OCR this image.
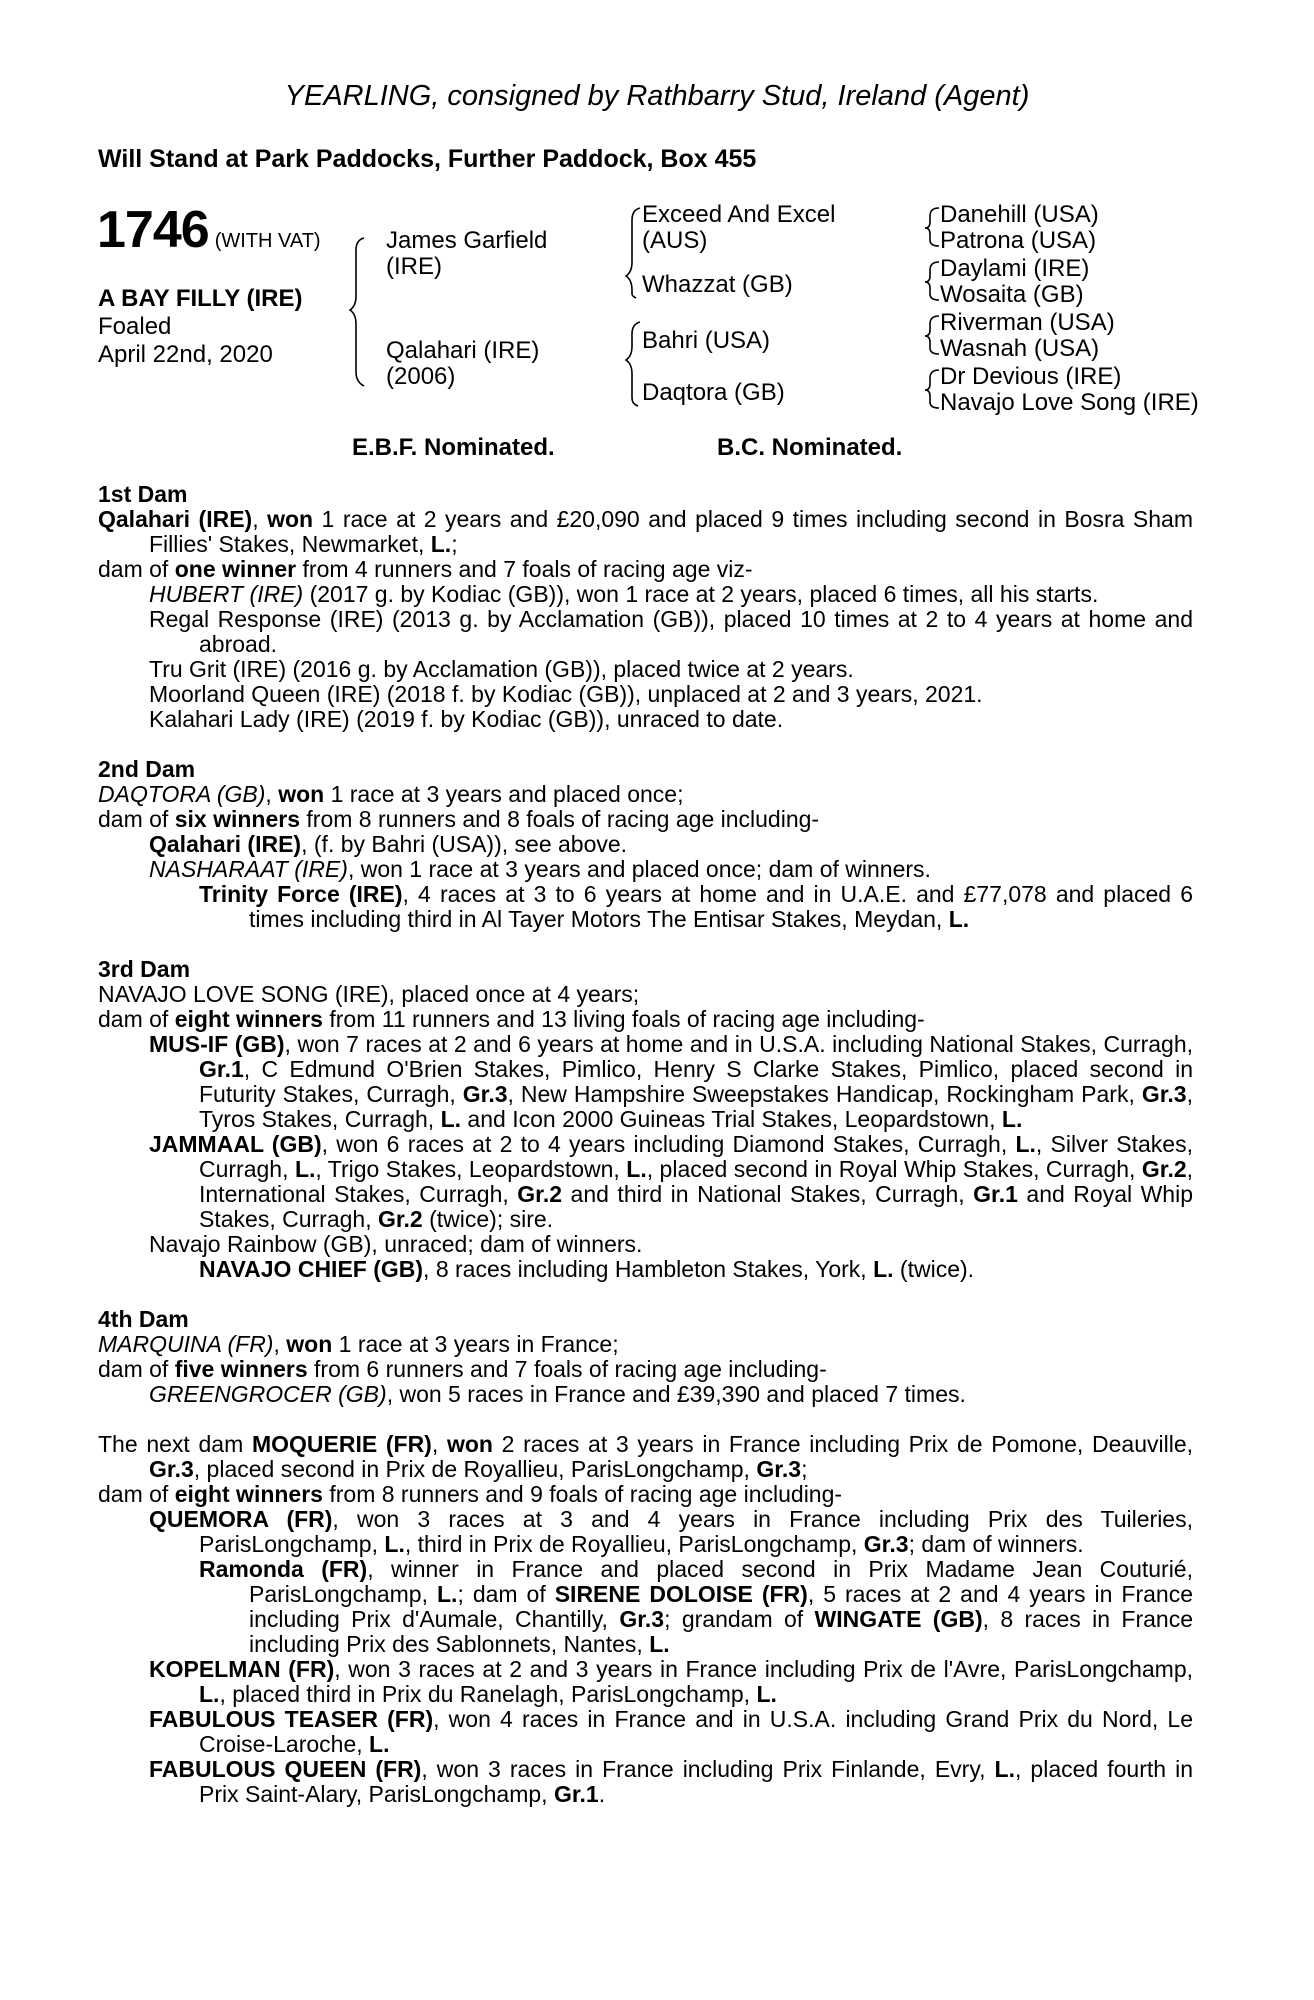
YEARLING, consigned by Rathbarry Stud, Ireland (Agent)
Will Stand at Park Paddocks, Further Paddock, Box 455
1746 (WITH VAT)
A BAY FILLY (IRE)
Foaled
April 22nd, 2020
James Garfield
(IRE)
Qalahari (IRE)
(2006)
Exceed And Excel
(AUS)
Whazzat (GB)
Bahri (USA)
Daqtora (GB)
Danehill (USA)
Patrona (USA)
Daylami (IRE)
Wosaita (GB)
Riverman (USA)
Wasnah (USA)
Dr Devious (IRE)
Navajo Love Song (IRE)
E.B.F. Nominated.	B.C. Nominated.

1st Dam

Qalahari (IRE), won 1 race at 2 years and £20,090 and placed 9 times including second in Bosra Sham Fillies' Stakes, Newmarket, L.;

dam of one winner from 4 runners and 7 foals of racing age viz-

HUBERT (IRE) (2017 g. by Kodiac (GB)), won 1 race at 2 years, placed 6 times, all his starts.

Regal Response (IRE) (2013 g. by Acclamation (GB)), placed 10 times at 2 to 4 years at home and abroad.

Tru Grit (IRE) (2016 g. by Acclamation (GB)), placed twice at 2 years.

Moorland Queen (IRE) (2018 f. by Kodiac (GB)), unplaced at 2 and 3 years, 2021.

Kalahari Lady (IRE) (2019 f. by Kodiac (GB)), unraced to date.

2nd Dam

DAQTORA (GB), won 1 race at 3 years and placed once;

dam of six winners from 8 runners and 8 foals of racing age including-

Qalahari (IRE), (f. by Bahri (USA)), see above.

NASHARAAT (IRE), won 1 race at 3 years and placed once; dam of winners.

Trinity Force (IRE), 4 races at 3 to 6 years at home and in U.A.E. and £77,078 and placed 6 times including third in Al Tayer Motors The Entisar Stakes, Meydan, L.

3rd Dam

NAVAJO LOVE SONG (IRE), placed once at 4 years;

dam of eight winners from 11 runners and 13 living foals of racing age including-

MUS-IF (GB), won 7 races at 2 and 6 years at home and in U.S.A. including National Stakes, Curragh, Gr.1, C Edmund O'Brien Stakes, Pimlico, Henry S Clarke Stakes, Pimlico, placed second in Futurity Stakes, Curragh, Gr.3, New Hampshire Sweepstakes Handicap, Rockingham Park, Gr.3, Tyros Stakes, Curragh, L. and Icon 2000 Guineas Trial Stakes, Leopardstown, L.

JAMMAAL (GB), won 6 races at 2 to 4 years including Diamond Stakes, Curragh, L., Silver Stakes, Curragh, L., Trigo Stakes, Leopardstown, L., placed second in Royal Whip Stakes, Curragh, Gr.2, International Stakes, Curragh, Gr.2 and third in National Stakes, Curragh, Gr.1 and Royal Whip Stakes, Curragh, Gr.2 (twice); sire.

Navajo Rainbow (GB), unraced; dam of winners.

NAVAJO CHIEF (GB), 8 races including Hambleton Stakes, York, L. (twice).

4th Dam

MARQUINA (FR), won 1 race at 3 years in France;

dam of five winners from 6 runners and 7 foals of racing age including-

GREENGROCER (GB), won 5 races in France and £39,390 and placed 7 times.

The next dam MOQUERIE (FR), won 2 races at 3 years in France including Prix de Pomone, Deauville, Gr.3, placed second in Prix de Royallieu, ParisLongchamp, Gr.3;

dam of eight winners from 8 runners and 9 foals of racing age including-

QUEMORA (FR), won 3 races at 3 and 4 years in France including Prix des Tuileries, ParisLongchamp, L., third in Prix de Royallieu, ParisLongchamp, Gr.3; dam of winners.

Ramonda (FR), winner in France and placed second in Prix Madame Jean Couturié, ParisLongchamp, L.; dam of SIRENE DOLOISE (FR), 5 races at 2 and 4 years in France including Prix d'Aumale, Chantilly, Gr.3; grandam of WINGATE (GB), 8 races in France including Prix des Sablonnets, Nantes, L.

KOPELMAN (FR), won 3 races at 2 and 3 years in France including Prix de l'Avre, ParisLongchamp, L., placed third in Prix du Ranelagh, ParisLongchamp, L.

FABULOUS TEASER (FR), won 4 races in France and in U.S.A. including Grand Prix du Nord, Le Croise-Laroche, L.

FABULOUS QUEEN (FR), won 3 races in France including Prix Finlande, Evry, L., placed fourth in Prix Saint-Alary, ParisLongchamp, Gr.1.
